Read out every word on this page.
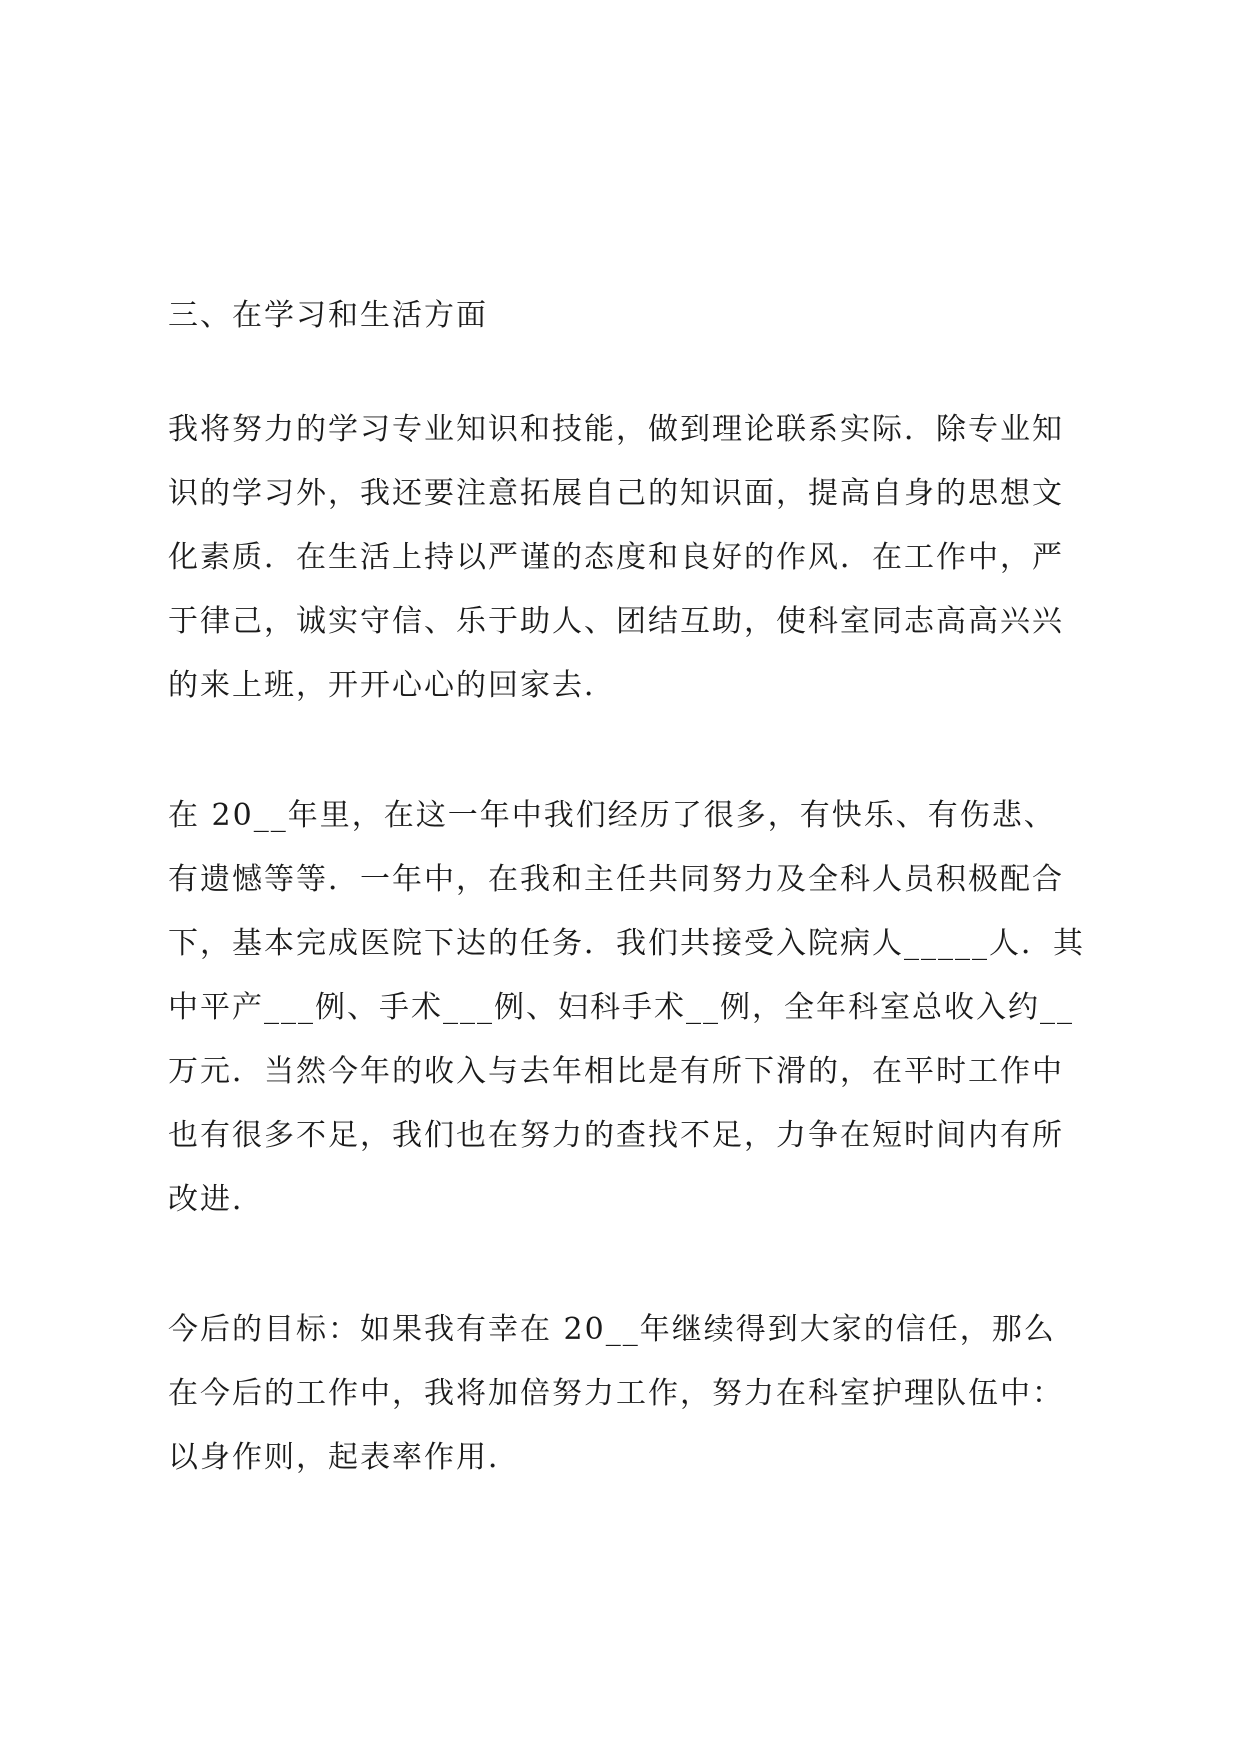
三、在学习和生活方面
我将努力的学习专业知识和技能，做到理论联系实际．除专业知
识的学习外，我还要注意拓展自己的知识面，提高自身的思想文
化素质．在生活上持以严谨的态度和良好的作风．在工作中，严
于律己，诚实守信、乐于助人、团结互助，使科室同志高高兴兴
的来上班，开开心心的回家去．
在 20__年里，在这一年中我们经历了很多，有快乐、有伤悲、
有遗憾等等．一年中，在我和主任共同努力及全科人员积极配合
下，基本完成医院下达的任务．我们共接受入院病人_____人．其
中平产___例、手术___例、妇科手术__例，全年科室总收入约__
万元．当然今年的收入与去年相比是有所下滑的，在平时工作中
也有很多不足，我们也在努力的查找不足，力争在短时间内有所
改进．
今后的目标：如果我有幸在 20__年继续得到大家的信任，那么
在今后的工作中，我将加倍努力工作，努力在科室护理队伍中：
以身作则，起表率作用．
